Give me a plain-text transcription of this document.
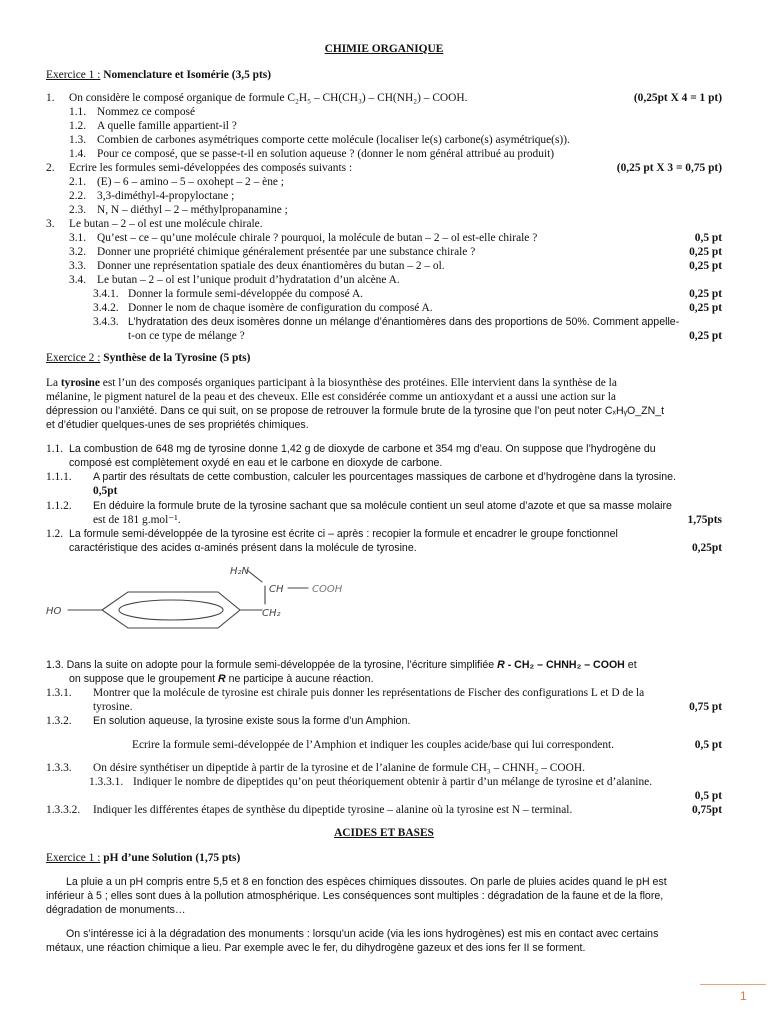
CHIMIE ORGANIQUE
Exercice 1 : Nomenclature et Isomérie (3,5 pts)
1. On considère le composé organique de formule C₂H₅ – CH(CH₃) – CH(NH₂) – COOH.	(0,25pt X 4 = 1 pt)
1.1. Nommez ce composé
1.2. A quelle famille appartient-il ?
1.3. Combien de carbones asymétriques comporte cette molécule (localiser le(s) carbone(s) asymétrique(s)).
1.4. Pour ce composé, que se passe-t-il en solution aqueuse ? (donner le nom général attribué au produit)
2. Ecrire les formules semi-développées des composés suivants :	(0,25 pt X 3 = 0,75 pt)
2.1. (E) – 6 – amino – 5 – oxohept – 2 – ène ;
2.2. 3,3-diméthyl-4-propyloctane ;
2.3. N, N – diéthyl – 2 – méthylpropanamine ;
3. Le butan – 2 – ol est une molécule chirale.
3.1. Qu’est – ce – qu’une molécule chirale ? pourquoi, la molécule de butan – 2 – ol est-elle chirale ?	0,5 pt
3.2. Donner une propriété chimique généralement présentée par une substance chirale ?	0,25 pt
3.3. Donner une représentation spatiale des deux énantiomères du butan – 2 – ol.	0,25 pt
3.4. Le butan – 2 – ol est l’unique produit d’hydratation d’un alcène A.
3.4.1. Donner la formule semi-développée du composé A.	0,25 pt
3.4.2. Donner le nom de chaque isomère de configuration du composé A.	0,25 pt
3.4.3. L’hydratation des deux isomères donne un mélange d’énantiomères dans des proportions de 50%. Comment appelle-
t-on ce type de mélange ?	0,25 pt
Exercice 2 : Synthèse de la Tyrosine (5 pts)
La tyrosine est l’un des composés organiques participant à la biosynthèse des protéines. Elle intervient dans la synthèse de la
mélanine, le pigment naturel de la peau et des cheveux. Elle est considérée comme un antioxydant et a aussi une action sur la
dépression ou l’anxiété. Dans ce qui suit, on se propose de retrouver la formule brute de la tyrosine que l’on peut noter CₓHᵧO_ZN_t
et d’étudier quelques-unes de ses propriétés chimiques.
1.1. La combustion de 648 mg de tyrosine donne 1,42 g de dioxyde de carbone et 354 mg d’eau. On suppose que l’hydrogène du
composé est complètement oxydé en eau et le carbone en dioxyde de carbone.
1.1.1. A partir des résultats de cette combustion, calculer les pourcentages massiques de carbone et d’hydrogène dans la tyrosine.
0,5pt
1.1.2. En déduire la formule brute de la tyrosine sachant que sa molécule contient un seul atome d’azote et que sa masse molaire
est de 181 g.mol⁻¹.	1,75pts
1.2. La formule semi-développée de la tyrosine est écrite ci – après : recopier la formule et encadrer le groupe fonctionnel
caractéristique des acides α-aminés présent dans la molécule de tyrosine.	0,25pt
HO
H₂N
CH	COOH
CH₂
1.3. Dans la suite on adopte pour la formule semi-développée de la tyrosine, l’écriture simplifiée R - CH₂ – CHNH₂ – COOH et
on suppose que le groupement R ne participe à aucune réaction.
1.3.1. Montrer que la molécule de tyrosine est chirale puis donner les représentations de Fischer des configurations L et D de la
tyrosine.	0,75 pt
1.3.2. En solution aqueuse, la tyrosine existe sous la forme d’un Amphion.
Ecrire la formule semi-développée de l’Amphion et indiquer les couples acide/base qui lui correspondent.	0,5 pt
1.3.3. On désire synthétiser un dipeptide à partir de la tyrosine et de l’alanine de formule CH₃ – CHNH₂ – COOH.
1.3.3.1. Indiquer le nombre de dipeptides qu’on peut théoriquement obtenir à partir d’un mélange de tyrosine et d’alanine.
0,5 pt
1.3.3.2. Indiquer les différentes étapes de synthèse du dipeptide tyrosine – alanine où la tyrosine est N – terminal.	0,75pt
ACIDES ET BASES
Exercice 1 : pH d’une Solution (1,75 pts)
La pluie a un pH compris entre 5,5 et 8 en fonction des espèces chimiques dissoutes. On parle de pluies acides quand le pH est
inférieur à 5 ; elles sont dues à la pollution atmosphérique. Les conséquences sont multiples : dégradation de la faune et de la flore,
dégradation de monuments…
On s’intéresse ici à la dégradation des monuments : lorsqu’un acide (via les ions hydrogènes) est mis en contact avec certains
métaux, une réaction chimique a lieu. Par exemple avec le fer, du dihydrogène gazeux et des ions fer II se forment.
1
